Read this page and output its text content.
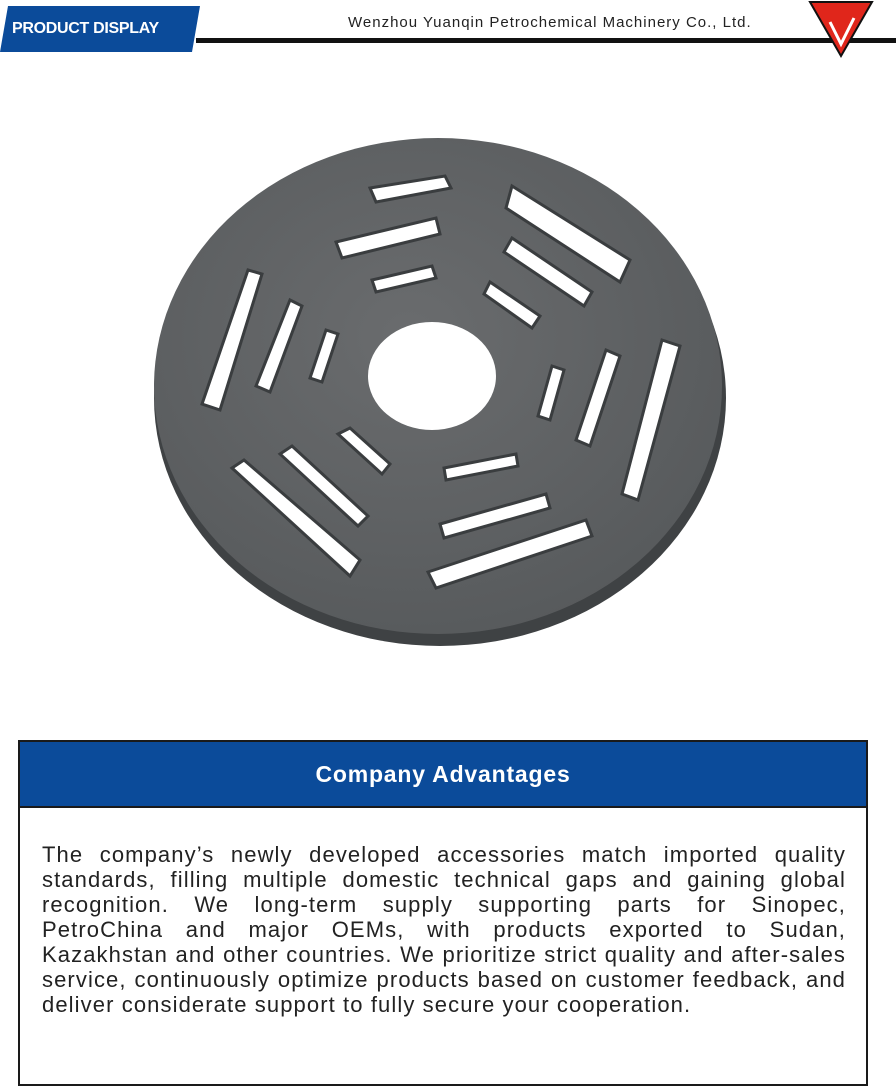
PRODUCT DISPLAY	Wenzhou Yuanqin Petrochemical Machinery Co., Ltd.
Company Advantages
The company’s newly developed accessories match imported quality standards, filling multiple domestic technical gaps and gaining global recognition. We long-term supply supporting parts for Sinopec, PetroChina and major OEMs, with products exported to Sudan, Kazakhstan and other countries. We prioritize strict quality and after-sales service, continuously optimize products based on customer feedback, and deliver considerate support to fully secure your cooperation.
